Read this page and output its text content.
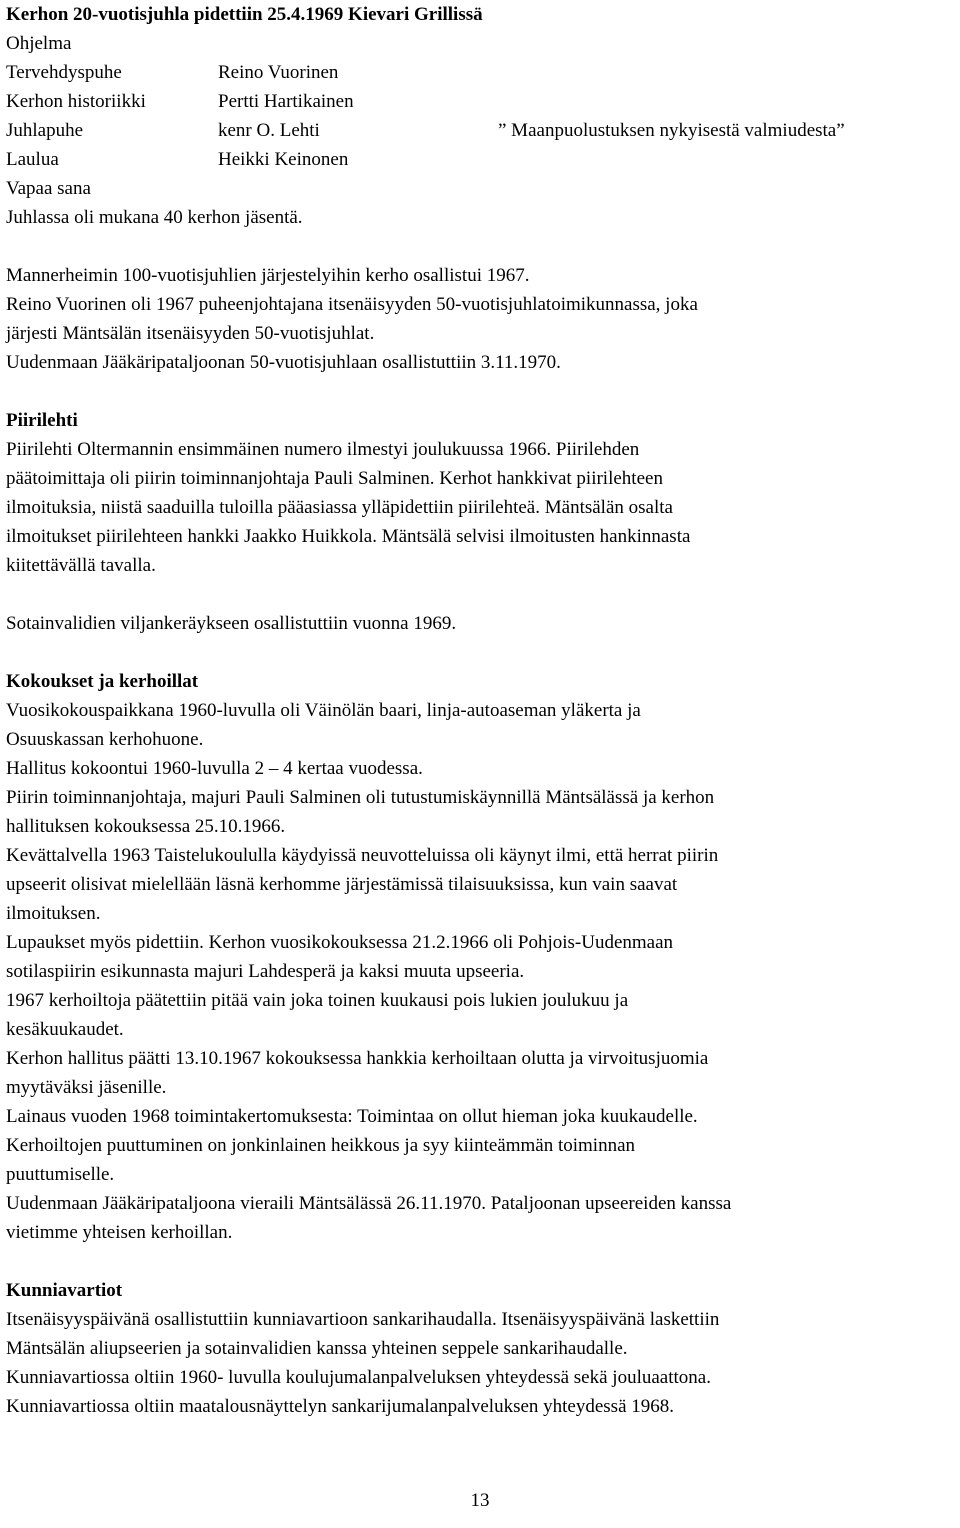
Kerhon 20-vuotisjuhla pidettiin 25.4.1969 Kievari Grillissä
Ohjelma
Tervehdyspuhe	Reino Vuorinen
Kerhon historiikki	Pertti Hartikainen
Juhlapuhe	kenr O. Lehti	” Maanpuolustuksen nykyisestä valmiudesta”
Laulua	Heikki Keinonen
Vapaa sana
Juhlassa oli mukana 40 kerhon jäsentä.
Mannerheimin 100-vuotisjuhlien järjestelyihin kerho osallistui 1967.
Reino Vuorinen oli 1967 puheenjohtajana itsenäisyyden 50-vuotisjuhlatoimikunnassa, joka
järjesti Mäntsälän itsenäisyyden 50-vuotisjuhlat.
Uudenmaan Jääkäripataljoonan 50-vuotisjuhlaan osallistuttiin 3.11.1970.
Piirilehti
Piirilehti Oltermannin ensimmäinen numero ilmestyi joulukuussa 1966. Piirilehden
päätoimittaja oli piirin toiminnanjohtaja Pauli Salminen. Kerhot hankkivat piirilehteen
ilmoituksia, niistä saaduilla tuloilla pääasiassa ylläpidettiin piirilehteä. Mäntsälän osalta
ilmoitukset piirilehteen hankki Jaakko Huikkola. Mäntsälä selvisi ilmoitusten hankinnasta
kiitettävällä tavalla.
Sotainvalidien viljankeräykseen osallistuttiin vuonna 1969.
Kokoukset ja kerhoillat
Vuosikokouspaikkana 1960-luvulla oli Väinölän baari, linja-autoaseman yläkerta ja
Osuuskassan kerhohuone.
Hallitus kokoontui 1960-luvulla 2 – 4 kertaa vuodessa.
Piirin toiminnanjohtaja, majuri Pauli Salminen oli tutustumiskäynnillä Mäntsälässä ja kerhon
hallituksen kokouksessa 25.10.1966.
Kevättalvella 1963 Taistelukoululla käydyissä neuvotteluissa oli käynyt ilmi, että herrat piirin
upseerit olisivat mielellään läsnä kerhomme järjestämissä tilaisuuksissa, kun vain saavat
ilmoituksen.
Lupaukset myös pidettiin. Kerhon vuosikokouksessa 21.2.1966 oli Pohjois-Uudenmaan
sotilaspiirin esikunnasta majuri Lahdesperä ja kaksi muuta upseeria.
1967 kerhoiltoja päätettiin pitää vain joka toinen kuukausi pois lukien joulukuu ja
kesäkuukaudet.
Kerhon hallitus päätti 13.10.1967 kokouksessa hankkia kerhoiltaan olutta ja virvoitusjuomia
myytäväksi jäsenille.
Lainaus vuoden 1968 toimintakertomuksesta: Toimintaa on ollut hieman joka kuukaudelle.
Kerhoiltojen puuttuminen on jonkinlainen heikkous ja syy kiinteämmän toiminnan
puuttumiselle.
Uudenmaan Jääkäripataljoona vieraili Mäntsälässä 26.11.1970. Pataljoonan upseereiden kanssa
vietimme yhteisen kerhoillan.
Kunniavartiot
Itsenäisyyspäivänä osallistuttiin kunniavartioon sankarihaudalla. Itsenäisyyspäivänä laskettiin
Mäntsälän aliupseerien ja sotainvalidien kanssa yhteinen seppele sankarihaudalle.
Kunniavartiossa oltiin 1960- luvulla koulujumalanpalveluksen yhteydessä sekä jouluaattona.
Kunniavartiossa oltiin maatalousnäyttelyn sankarijumalanpalveluksen yhteydessä 1968.
13
